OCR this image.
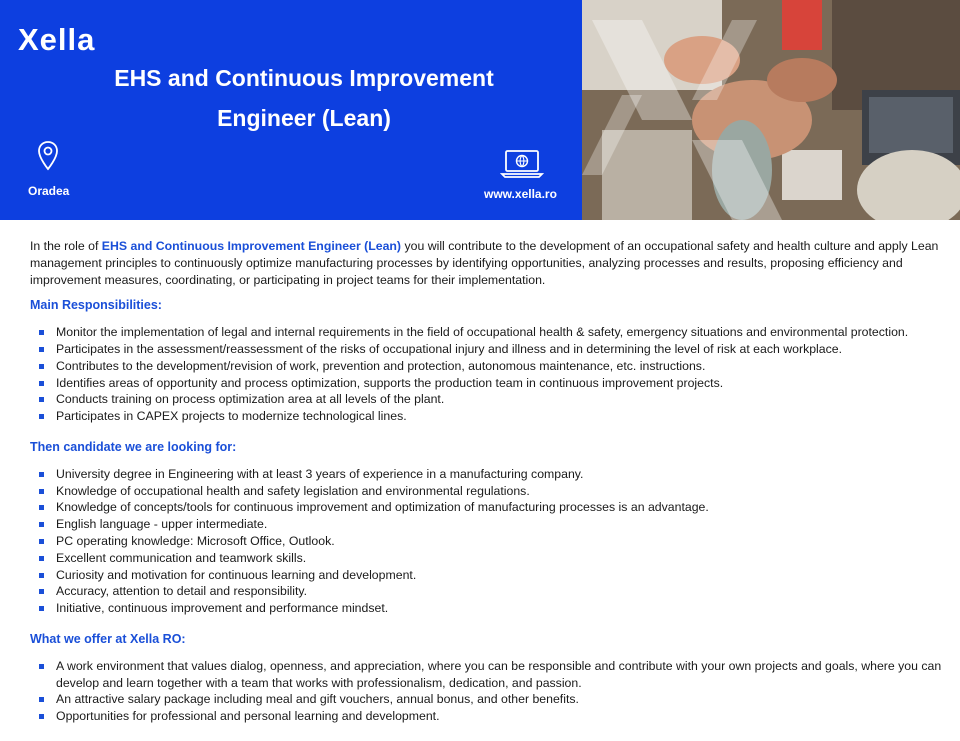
Xella
EHS and Continuous Improvement Engineer (Lean)
Oradea	www.xella.ro

In the role of EHS and Continuous Improvement Engineer (Lean) you will contribute to the development of an occupational safety and health culture and apply Lean management principles to continuously optimize manufacturing processes by identifying opportunities, analyzing processes and results, proposing efficiency and improvement measures, coordinating, or participating in project teams for their implementation.

Main Responsibilities:
Monitor the implementation of legal and internal requirements in the field of occupational health & safety, emergency situations and environmental protection.
Participates in the assessment/reassessment of the risks of occupational injury and illness and in determining the level of risk at each workplace.
Contributes to the development/revision of work, prevention and protection, autonomous maintenance, etc. instructions.
Identifies areas of opportunity and process optimization, supports the production team in continuous improvement projects.
Conducts training on process optimization area at all levels of the plant.
Participates in CAPEX projects to modernize technological lines.
Then candidate we are looking for:
University degree in Engineering with at least 3 years of experience in a manufacturing company.
Knowledge of occupational health and safety legislation and environmental regulations.
Knowledge of concepts/tools for continuous improvement and optimization of manufacturing processes is an advantage.
English language - upper intermediate.
PC operating knowledge: Microsoft Office, Outlook.
Excellent communication and teamwork skills.
Curiosity and motivation for continuous learning and development.
Accuracy, attention to detail and responsibility.
Initiative, continuous improvement and performance mindset.
What we offer at Xella RO:
A work environment that values dialog, openness, and appreciation, where you can be responsible and contribute with your own projects and goals, where you can develop and learn together with a team that works with professionalism, dedication, and passion.
An attractive salary package including meal and gift vouchers, annual bonus, and other benefits.
Opportunities for professional and personal learning and development.
